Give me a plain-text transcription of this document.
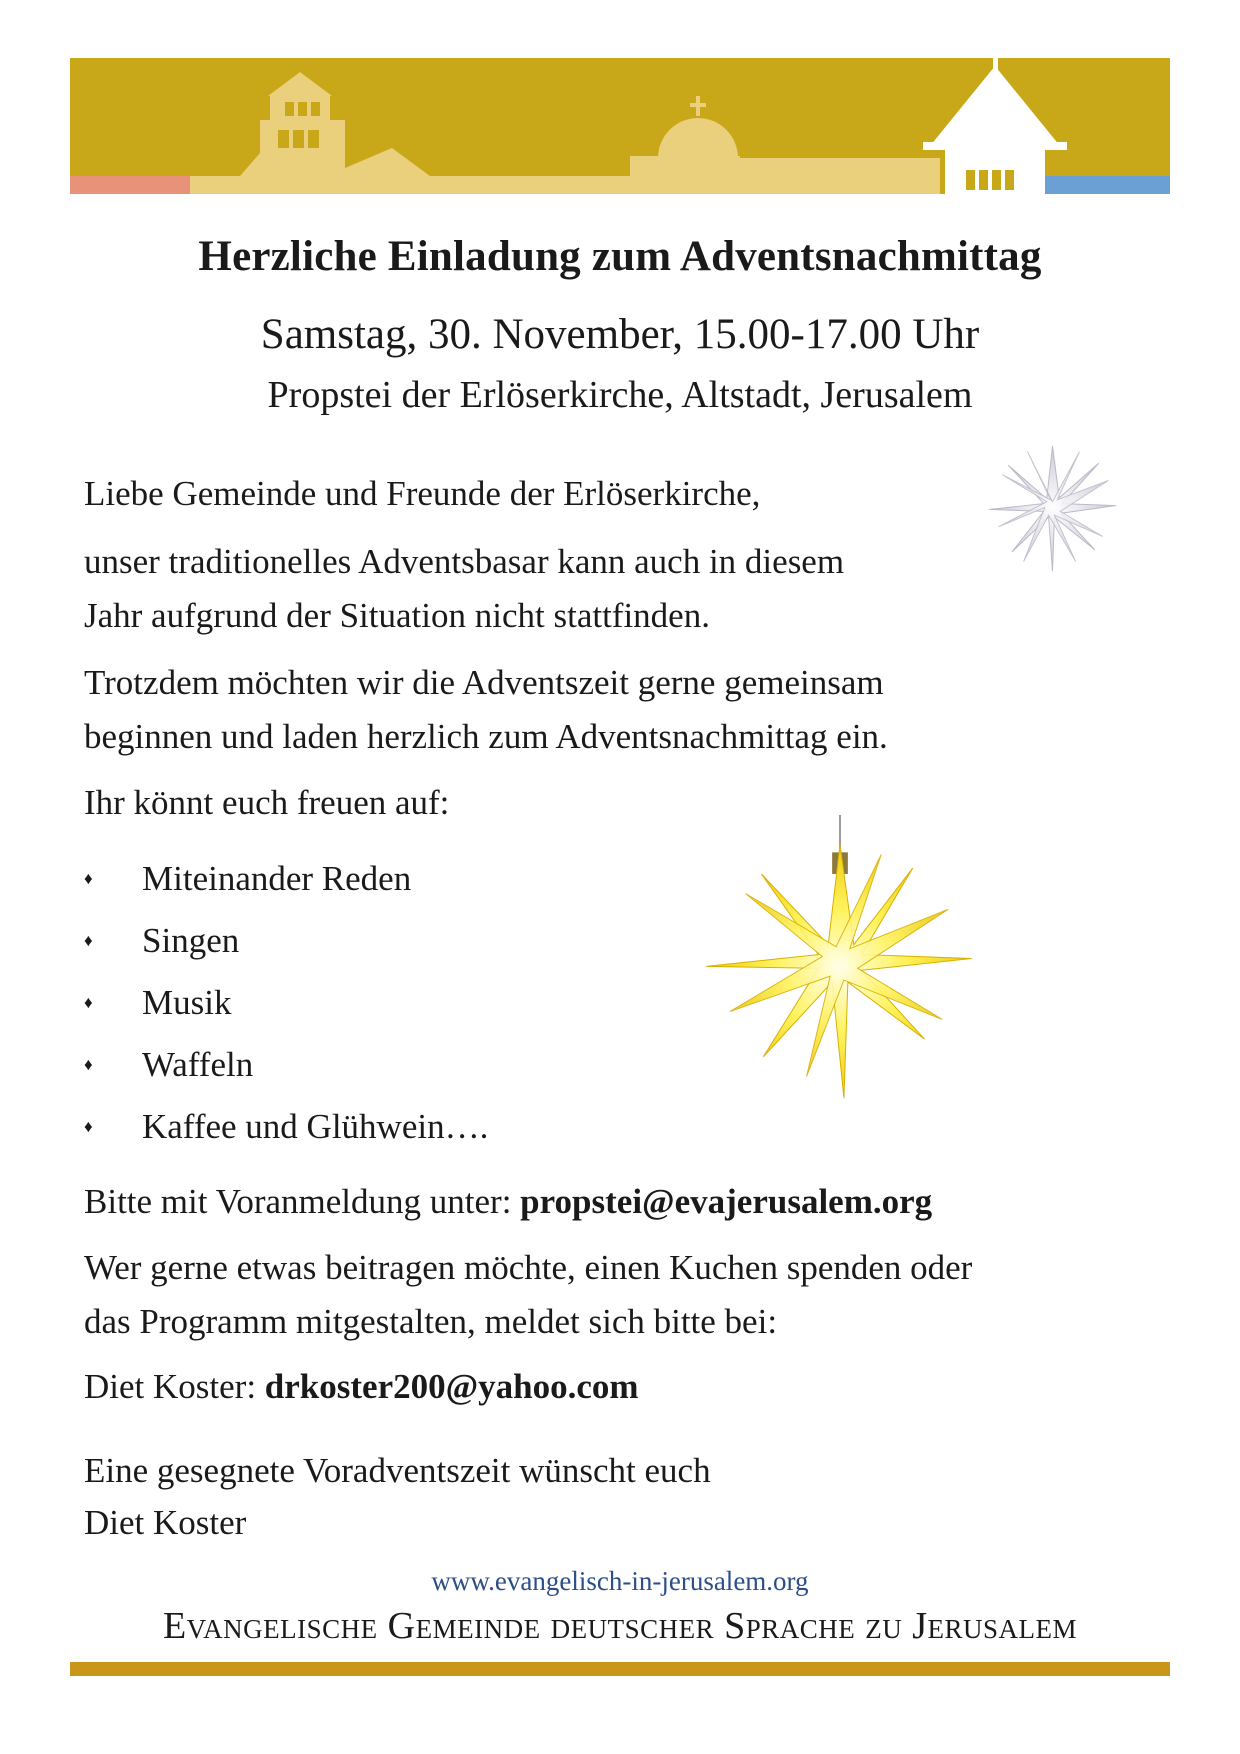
Herzliche Einladung zum Adventsnachmittag
Samstag, 30. November, 15.00-17.00 Uhr
Propstei der Erlöserkirche, Altstadt, Jerusalem
Liebe Gemeinde und Freunde der Erlöserkirche,
unser traditionelles Adventsbasar kann auch in diesem
Jahr aufgrund der Situation nicht stattfinden.
Trotzdem möchten wir die Adventszeit gerne gemeinsam
beginnen und laden herzlich zum Adventsnachmittag ein.
Ihr könnt euch freuen auf:
♦	Miteinander Reden
♦	Singen
♦	Musik
♦	Waffeln
♦	Kaffee und Glühwein….
Bitte mit Voranmeldung unter: propstei@evajerusalem.org
Wer gerne etwas beitragen möchte, einen Kuchen spenden oder
das Programm mitgestalten, meldet sich bitte bei:
Diet Koster: drkoster200@yahoo.com
Eine gesegnete Voradventszeit wünscht euch
Diet Koster
www.evangelisch-in-jerusalem.org
Evangelische Gemeinde deutscher Sprache zu Jerusalem
